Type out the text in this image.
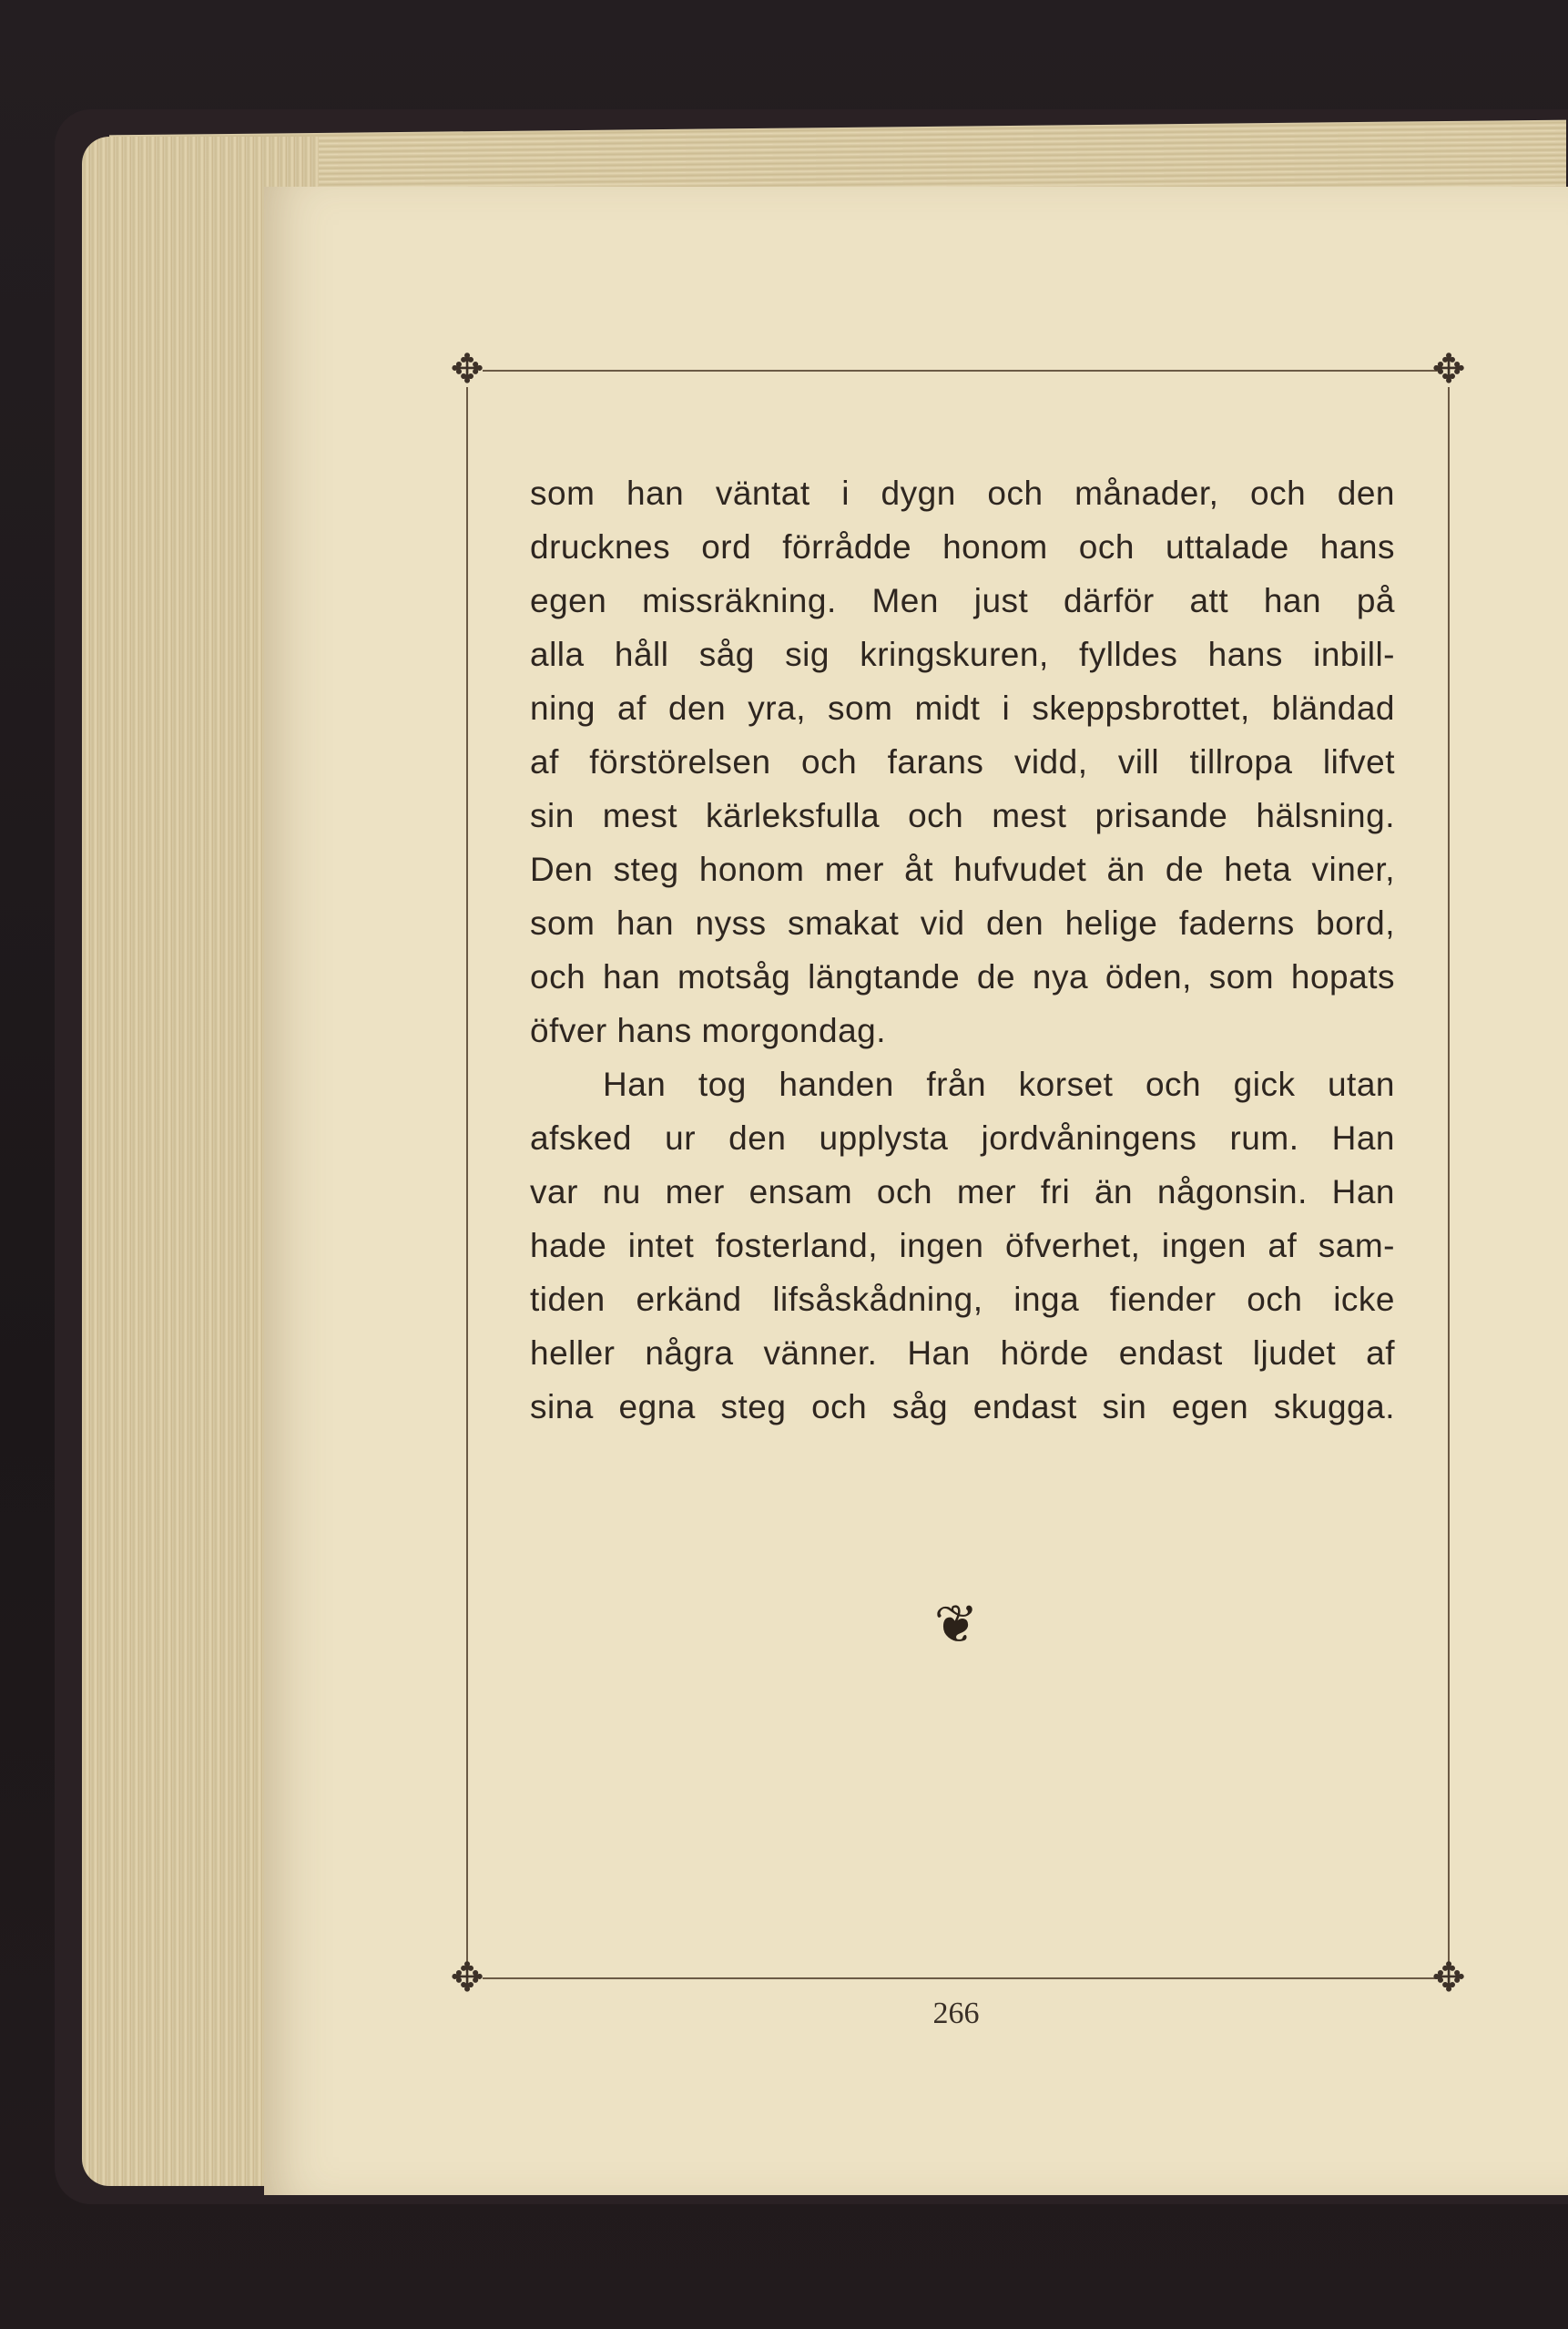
✥	✥
✥	✥
som han väntat i dygn och månader, och den
drucknes ord förrådde honom och uttalade hans
egen missräkning. Men just därför att han på
alla håll såg sig kringskuren, fylldes hans inbill-
ning af den yra, som midt i skeppsbrottet, bländad
af förstörelsen och farans vidd, vill tillropa lifvet
sin mest kärleksfulla och mest prisande hälsning.
Den steg honom mer åt hufvudet än de heta viner,
som han nyss smakat vid den helige faderns bord,
och han motsåg längtande de nya öden, som hopats
öfver hans morgondag.
Han tog handen från korset och gick utan
afsked ur den upplysta jordvåningens rum. Han
var nu mer ensam och mer fri än någonsin. Han
hade intet fosterland, ingen öfverhet, ingen af sam-
tiden erkänd lifsåskådning, inga fiender och icke
heller några vänner. Han hörde endast ljudet af
sina egna steg och såg endast sin egen skugga.
❦
266
